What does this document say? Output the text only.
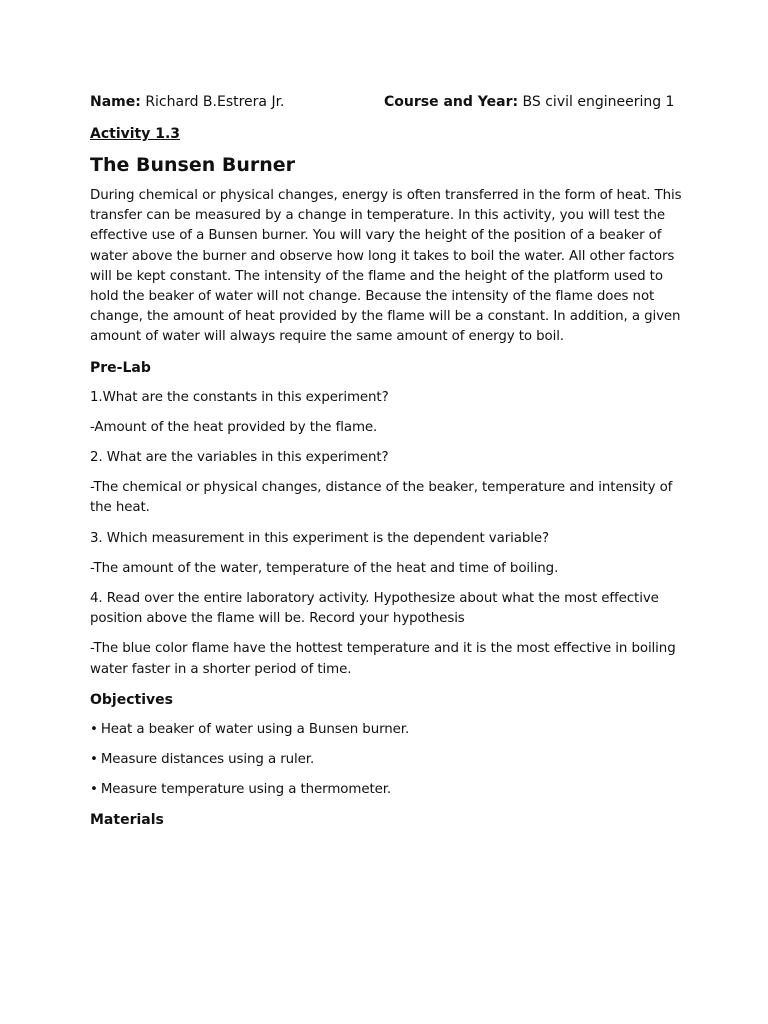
Name: Richard B.Estrera Jr.	Course and Year: BS civil engineering 1
Activity 1.3
The Bunsen Burner
During chemical or physical changes, energy is often transferred in the form of heat. This transfer can be measured by a change in temperature. In this activity, you will test the effective use of a Bunsen burner. You will vary the height of the position of a beaker of water above the burner and observe how long it takes to boil the water. All other factors will be kept constant. The intensity of the flame and the height of the platform used to hold the beaker of water will not change. Because the intensity of the flame does not change, the amount of heat provided by the flame will be a constant. In addition, a given amount of water will always require the same amount of energy to boil.
Pre-Lab
1.What are the constants in this experiment?
-Amount of the heat provided by the flame.
2. What are the variables in this experiment?
-The chemical or physical changes, distance of the beaker, temperature and intensity of the heat.
3. Which measurement in this experiment is the dependent variable?
-The amount of the water, temperature of the heat and time of boiling.
4. Read over the entire laboratory activity. Hypothesize about what the most effective position above the flame will be. Record your hypothesis
-The blue color flame have the hottest temperature and it is the most effective in boiling water faster in a shorter period of time.
Objectives
• Heat a beaker of water using a Bunsen burner.
• Measure distances using a ruler.
• Measure temperature using a thermometer.
Materials
